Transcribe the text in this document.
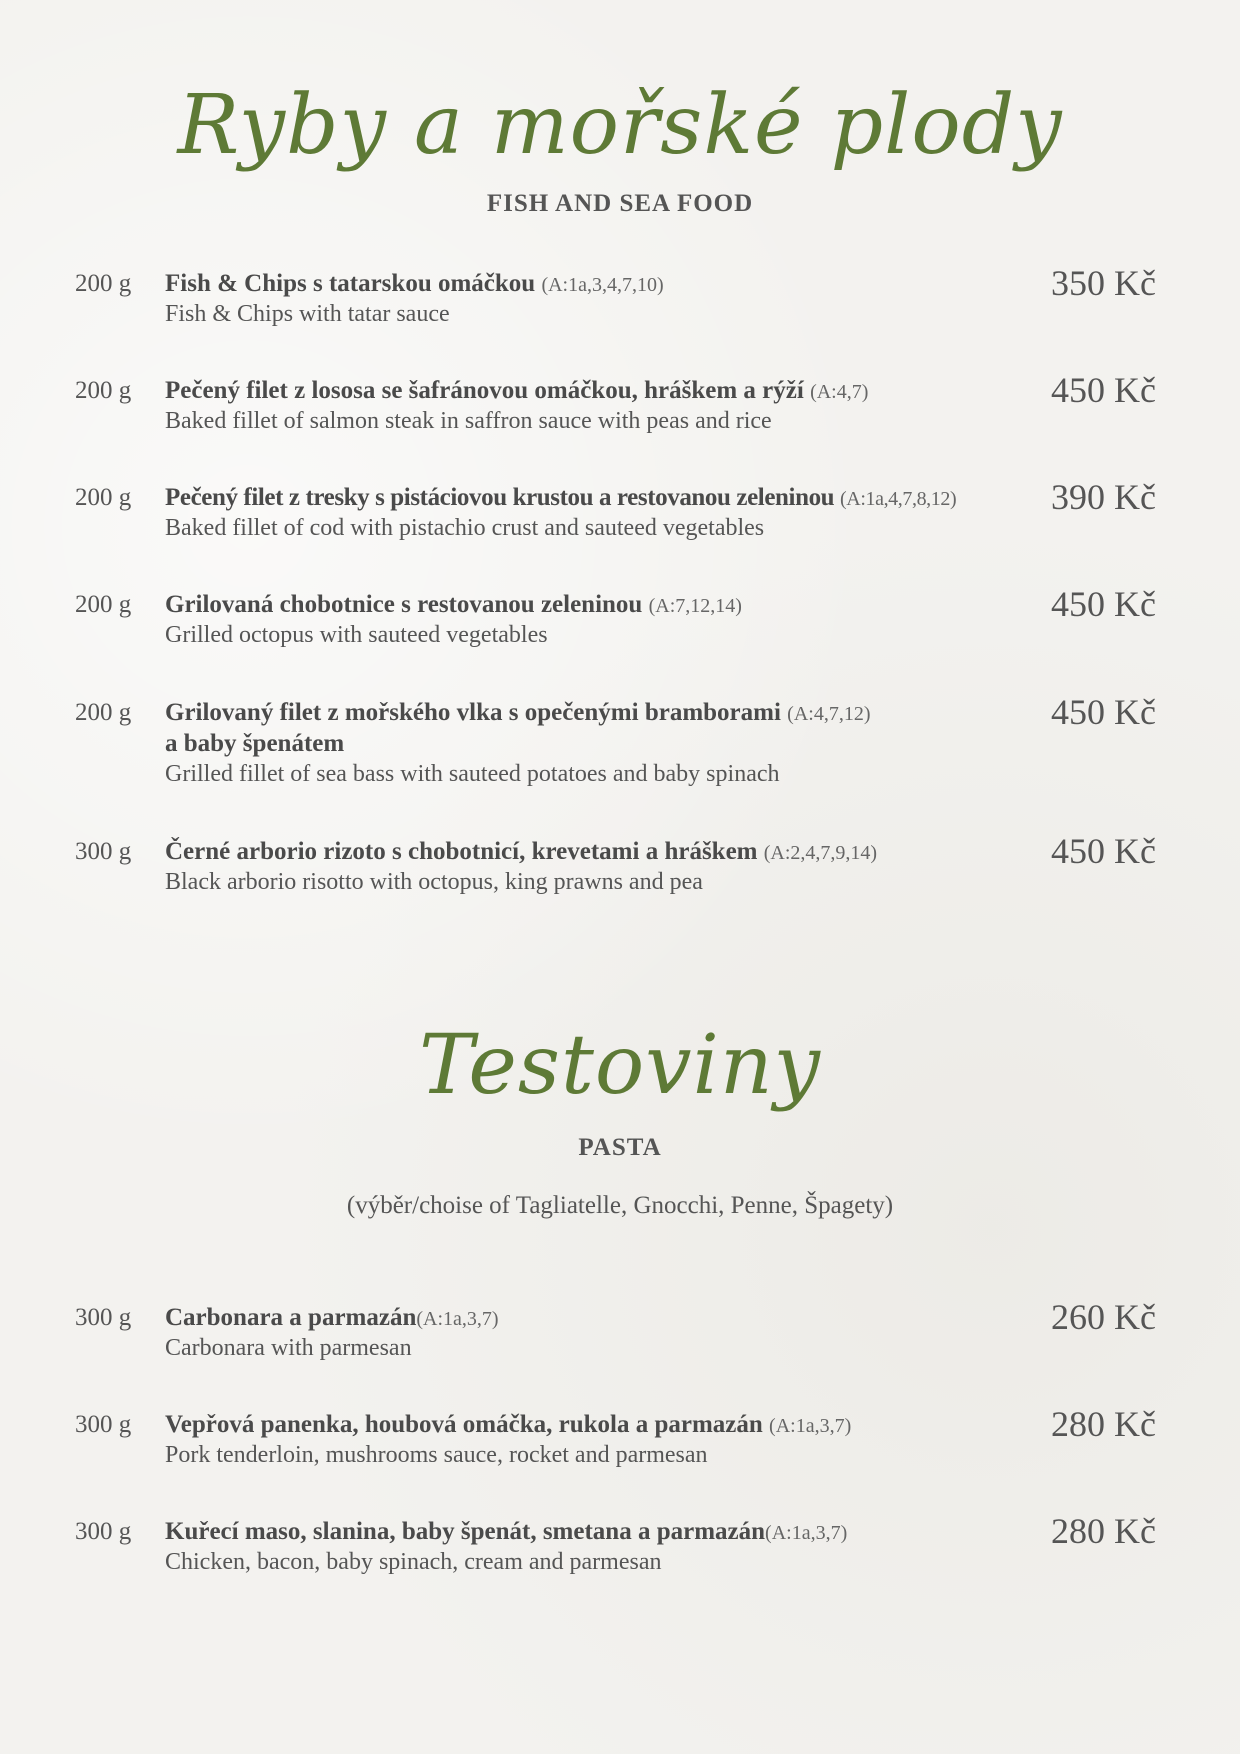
Ryby a mořské plody
FISH AND SEA FOOD
200 g Fish & Chips s tatarskou omáčkou (A:1a,3,4,7,10)
Fish & Chips with tatar sauce
350 Kč
200 g Pečený filet z lososa se šafránovou omáčkou, hráškem a rýží (A:4,7)
Baked fillet of salmon steak in saffron sauce with peas and rice
450 Kč
200 g Pečený filet z tresky s pistáciovou krustou a restovanou zeleninou (A:1a,4,7,8,12)
Baked fillet of cod with pistachio crust and sauteed vegetables
390 Kč
200 g Grilovaná chobotnice s restovanou zeleninou (A:7,12,14)
Grilled octopus with sauteed vegetables
450 Kč
200 g Grilovaný filet z mořského vlka s opečenými bramborami (A:4,7,12)
a baby špenátem
Grilled fillet of sea bass with sauteed potatoes and baby spinach
450 Kč
300 g Černé arborio rizoto s chobotnicí, krevetami a hráškem (A:2,4,7,9,14)
Black arborio risotto with octopus, king prawns and pea
450 Kč
Testoviny
PASTA
(výběr/choise of Tagliatelle, Gnocchi, Penne, Špagety)
300 g Carbonara a parmazán(A:1a,3,7)
Carbonara with parmesan
260 Kč
300 g Vepřová panenka, houbová omáčka, rukola a parmazán (A:1a,3,7)
Pork tenderloin, mushrooms sauce, rocket and parmesan
280 Kč
300 g Kuřecí maso, slanina, baby špenát, smetana a parmazán(A:1a,3,7)
Chicken, bacon, baby spinach, cream and parmesan
280 Kč
